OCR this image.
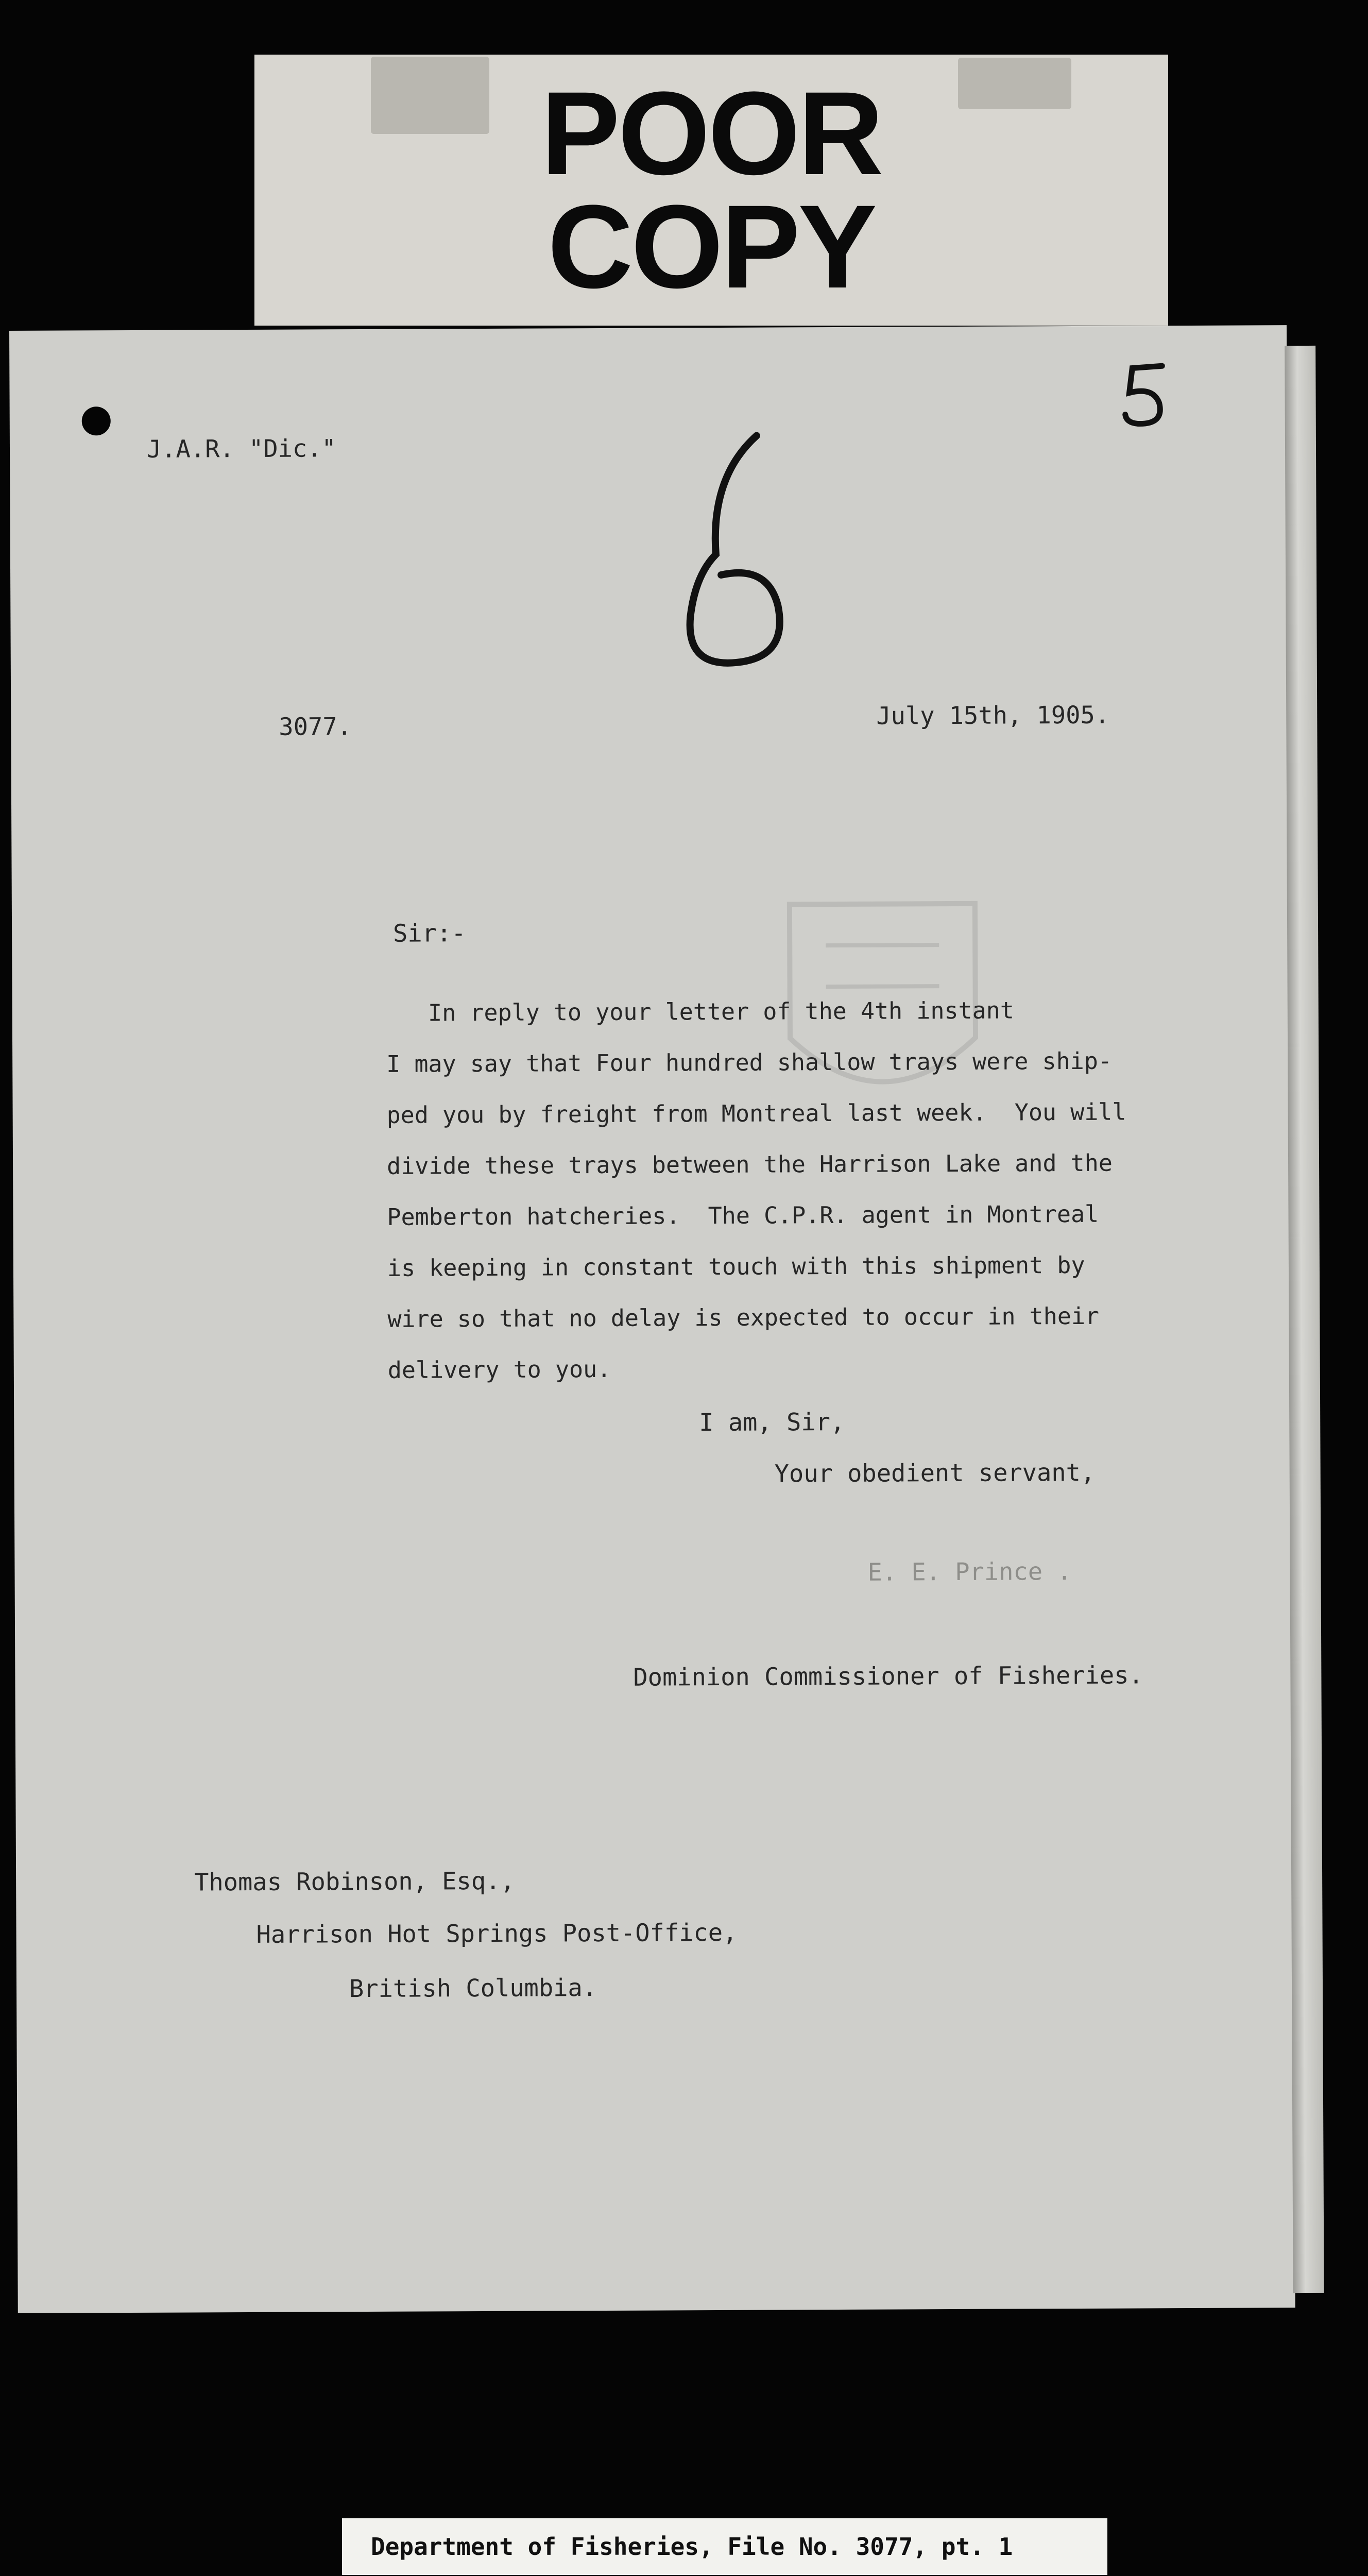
POOR
COPY
J.A.R. "Dic."
3077.	July 15th, 1905.
Sir:-
In reply to your letter of the 4th instant
I may say that Four hundred shallow trays were ship-
ped you by freight from Montreal last week.  You will
divide these trays between the Harrison Lake and the
Pemberton hatcheries.  The C.P.R. agent in Montreal
is keeping in constant touch with this shipment by
wire so that no delay is expected to occur in their
delivery to you.
I am, Sir,
Your obedient servant,
E. E. Prince .
Dominion Commissioner of Fisheries.
Thomas Robinson, Esq.,
Harrison Hot Springs Post-Office,
British Columbia.
Department of Fisheries, File No. 3077, pt. 1
